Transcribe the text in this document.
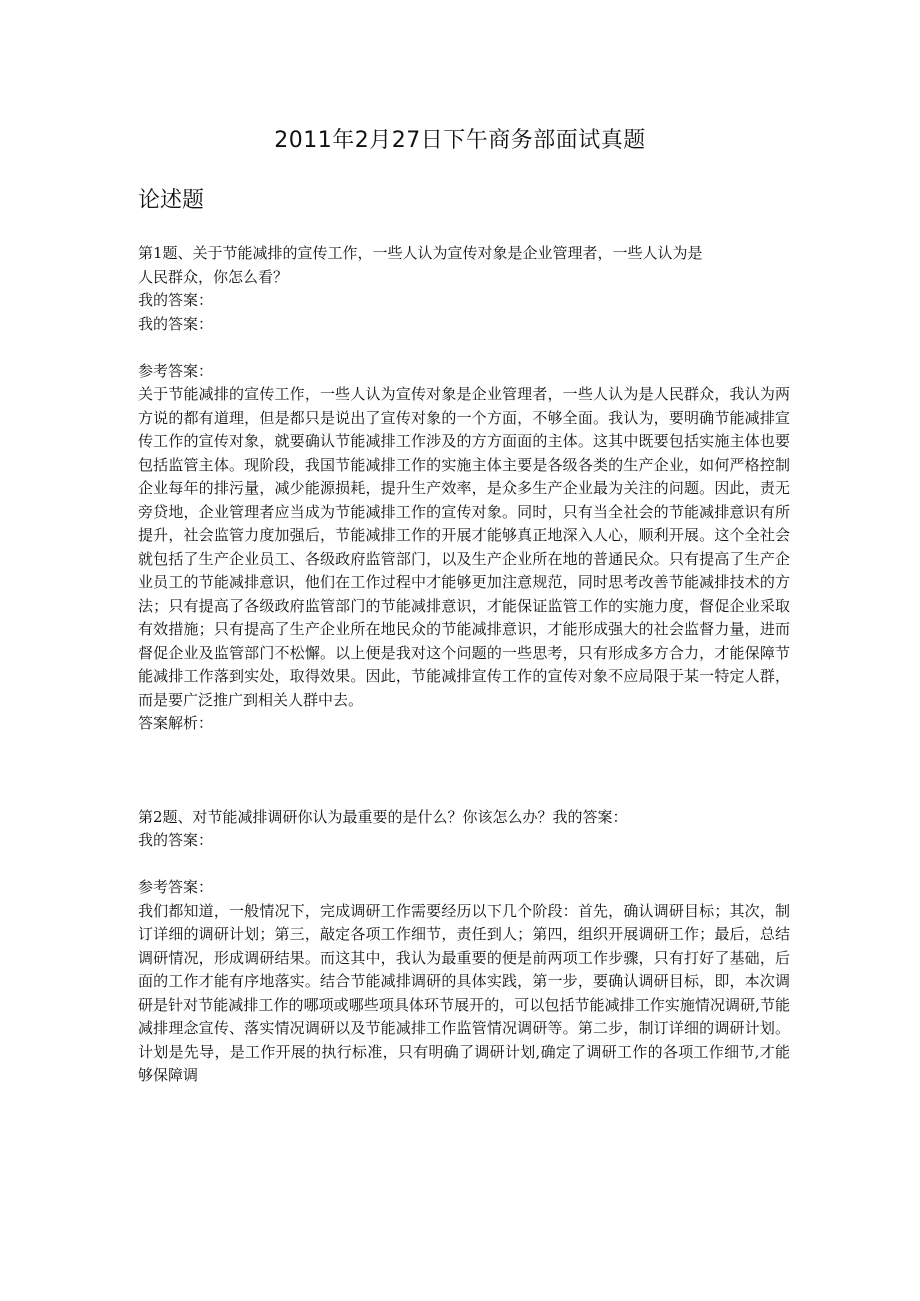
2011年2月27日下午商务部面试真题
论述题
第1题、关于节能减排的宣传工作，一些人认为宣传对象是企业管理者，一些人认为是
人民群众，你怎么看？
我的答案：
我的答案：
参考答案：
关于节能减排的宣传工作，一些人认为宣传对象是企业管理者，一些人认为是人民群众，我认为两方说的都有道理，但是都只是说出了宣传对象的一个方面，不够全面。我认为，要明确节能减排宣传工作的宣传对象，就要确认节能减排工作涉及的方方面面的主体。这其中既要包括实施主体也要包括监管主体。现阶段，我国节能减排工作的实施主体主要是各级各类的生产企业，如何严格控制企业每年的排污量，减少能源损耗，提升生产效率，是众多生产企业最为关注的问题。因此，责无旁贷地，企业管理者应当成为节能减排工作的宣传对象。同时，只有当全社会的节能减排意识有所提升，社会监管力度加强后，节能减排工作的开展才能够真正地深入人心，顺利开展。这个全社会就包括了生产企业员工、各级政府监管部门，以及生产企业所在地的普通民众。只有提高了生产企业员工的节能减排意识，他们在工作过程中才能够更加注意规范，同时思考改善节能减排技术的方法；只有提高了各级政府监管部门的节能减排意识，才能保证监管工作的实施力度，督促企业采取有效措施；只有提高了生产企业所在地民众的节能减排意识，才能形成强大的社会监督力量，进而督促企业及监管部门不松懈。以上便是我对这个问题的一些思考，只有形成多方合力，才能保障节能减排工作落到实处，取得效果。因此，节能减排宣传工作的宣传对象不应局限于某一特定人群，而是要广泛推广到相关人群中去。
答案解析：
第2题、对节能减排调研你认为最重要的是什么？你该怎么办？我的答案：
我的答案：
参考答案：
我们都知道，一般情况下，完成调研工作需要经历以下几个阶段：首先，确认调研目标；其次，制订详细的调研计划；第三，敲定各项工作细节，责任到人；第四，组织开展调研工作；最后，总结调研情况，形成调研结果。而这其中，我认为最重要的便是前两项工作步骤，只有打好了基础，后面的工作才能有序地落实。结合节能减排调研的具体实践，第一步，要确认调研目标，即，本次调研是针对节能减排工作的哪项或哪些项具体环节展开的，可以包括节能减排工作实施情况调研,节能减排理念宣传、落实情况调研以及节能减排工作监管情况调研等。第二步，制订详细的调研计划。计划是先导，是工作开展的执行标准，只有明确了调研计划,确定了调研工作的各项工作细节,才能够保障调
